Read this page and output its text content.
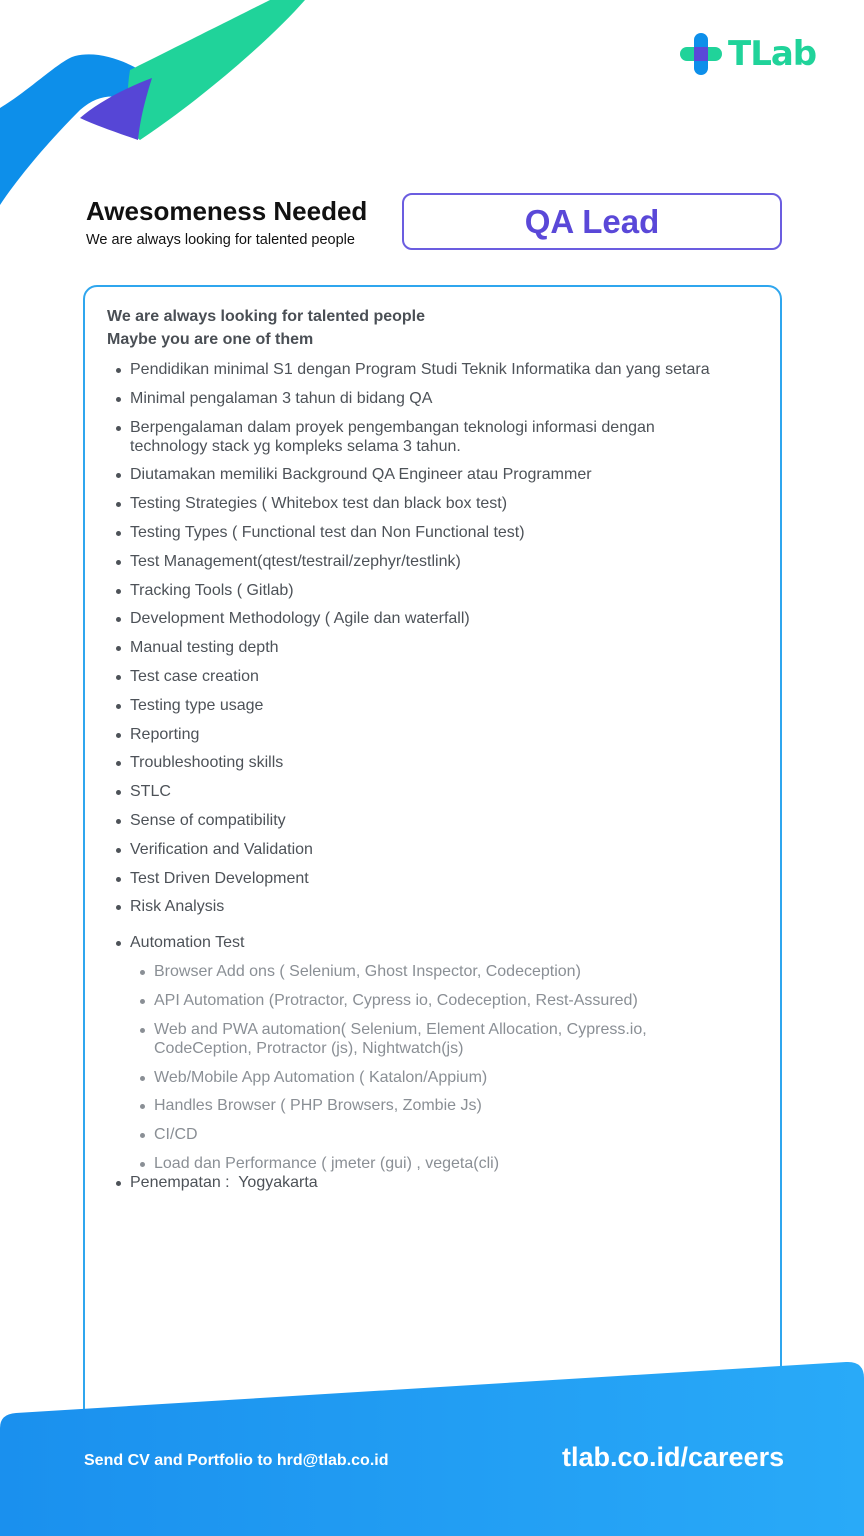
TLab
Awesomeness Needed
We are always looking for talented people
QA Lead
We are always looking for talented people
Maybe you are one of them
Pendidikan minimal S1 dengan Program Studi Teknik Informatika dan yang setara
Minimal pengalaman 3 tahun di bidang QA
Berpengalaman dalam proyek pengembangan teknologi informasi dengan technology stack yg kompleks selama 3 tahun.
Diutamakan memiliki Background QA Engineer atau Programmer
Testing Strategies ( Whitebox test dan black box test)
Testing Types ( Functional test dan Non Functional test)
Test Management(qtest/testrail/zephyr/testlink)
Tracking Tools ( Gitlab)
Development Methodology ( Agile dan waterfall)
Manual testing depth
Test case creation
Testing type usage
Reporting
Troubleshooting skills
STLC
Sense of compatibility
Verification and Validation
Test Driven Development
Risk Analysis
Automation Test
Browser Add ons ( Selenium, Ghost Inspector, Codeception)
API Automation (Protractor, Cypress io, Codeception, Rest-Assured)
Web and PWA automation( Selenium, Element Allocation, Cypress.io, CodeCeption, Protractor (js), Nightwatch(js)
Web/Mobile App Automation ( Katalon/Appium)
Handles Browser ( PHP Browsers, Zombie Js)
CI/CD
Load dan Performance ( jmeter (gui) , vegeta(cli)
Penempatan :  Yogyakarta
Send CV and Portfolio to hrd@tlab.co.id	tlab.co.id/careers
